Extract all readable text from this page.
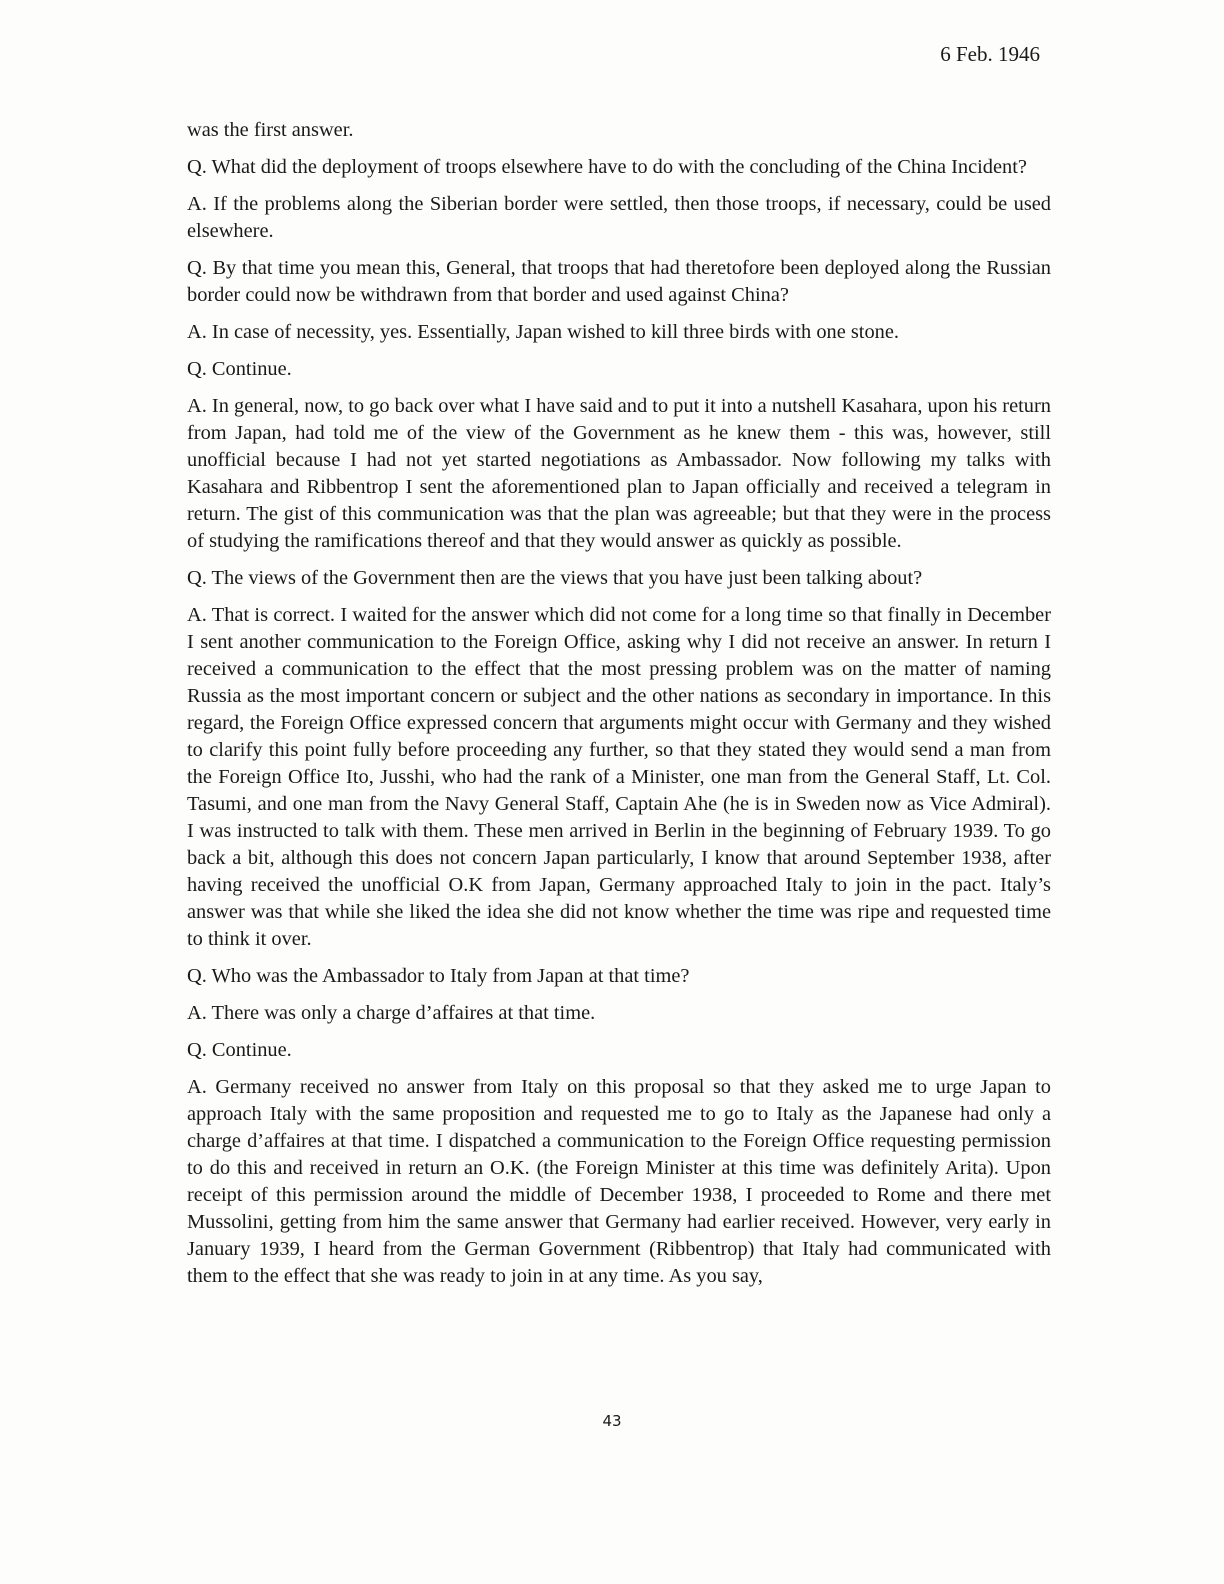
6 Feb. 1946

was the first answer.

Q. What did the deployment of troops elsewhere have to do with the concluding of the China Incident?

A. If the problems along the Siberian border were settled, then those troops, if necessary, could be used elsewhere.

Q. By that time you mean this, General, that troops that had theretofore been deployed along the Russian border could now be withdrawn from that border and used against China?

A. In case of necessity, yes. Essentially, Japan wished to kill three birds with one stone.

Q. Continue.

A. In general, now, to go back over what I have said and to put it into a nutshell Kasahara, upon his return from Japan, had told me of the view of the Government as he knew them - this was, however, still unofficial because I had not yet started negotiations as Ambassador. Now following my talks with Kasahara and Ribbentrop I sent the aforementioned plan to Japan officially and received a telegram in return. The gist of this communication was that the plan was agreeable; but that they were in the process of studying the ramifications thereof and that they would answer as quickly as possible.

Q. The views of the Government then are the views that you have just been talking about?

A. That is correct. I waited for the answer which did not come for a long time so that finally in December I sent another communication to the Foreign Office, asking why I did not receive an answer. In return I received a communication to the effect that the most pressing problem was on the matter of naming Russia as the most important concern or subject and the other nations as secondary in importance. In this regard, the Foreign Office expressed concern that arguments might occur with Germany and they wished to clarify this point fully before proceeding any further, so that they stated they would send a man from the Foreign Office Ito, Jusshi, who had the rank of a Minister, one man from the General Staff, Lt. Col. Tasumi, and one man from the Navy General Staff, Captain Ahe (he is in Sweden now as Vice Admiral). I was instructed to talk with them. These men arrived in Berlin in the beginning of February 1939. To go back a bit, although this does not concern Japan particularly, I know that around September 1938, after having received the unofficial O.K from Japan, Germany approached Italy to join in the pact. Italy’s answer was that while she liked the idea she did not know whether the time was ripe and requested time to think it over.

Q. Who was the Ambassador to Italy from Japan at that time?

A. There was only a charge d’affaires at that time.

Q. Continue.

A. Germany received no answer from Italy on this proposal so that they asked me to urge Japan to approach Italy with the same proposition and requested me to go to Italy as the Japanese had only a charge d’affaires at that time. I dispatched a communication to the Foreign Office requesting permission to do this and received in return an O.K. (the Foreign Minister at this time was definitely Arita). Upon receipt of this permission around the middle of December 1938, I proceeded to Rome and there met Mussolini, getting from him the same answer that Germany had earlier received. However, very early in January 1939, I heard from the German Government (Ribbentrop) that Italy had communicated with them to the effect that she was ready to join in at any time. As you say,

43
